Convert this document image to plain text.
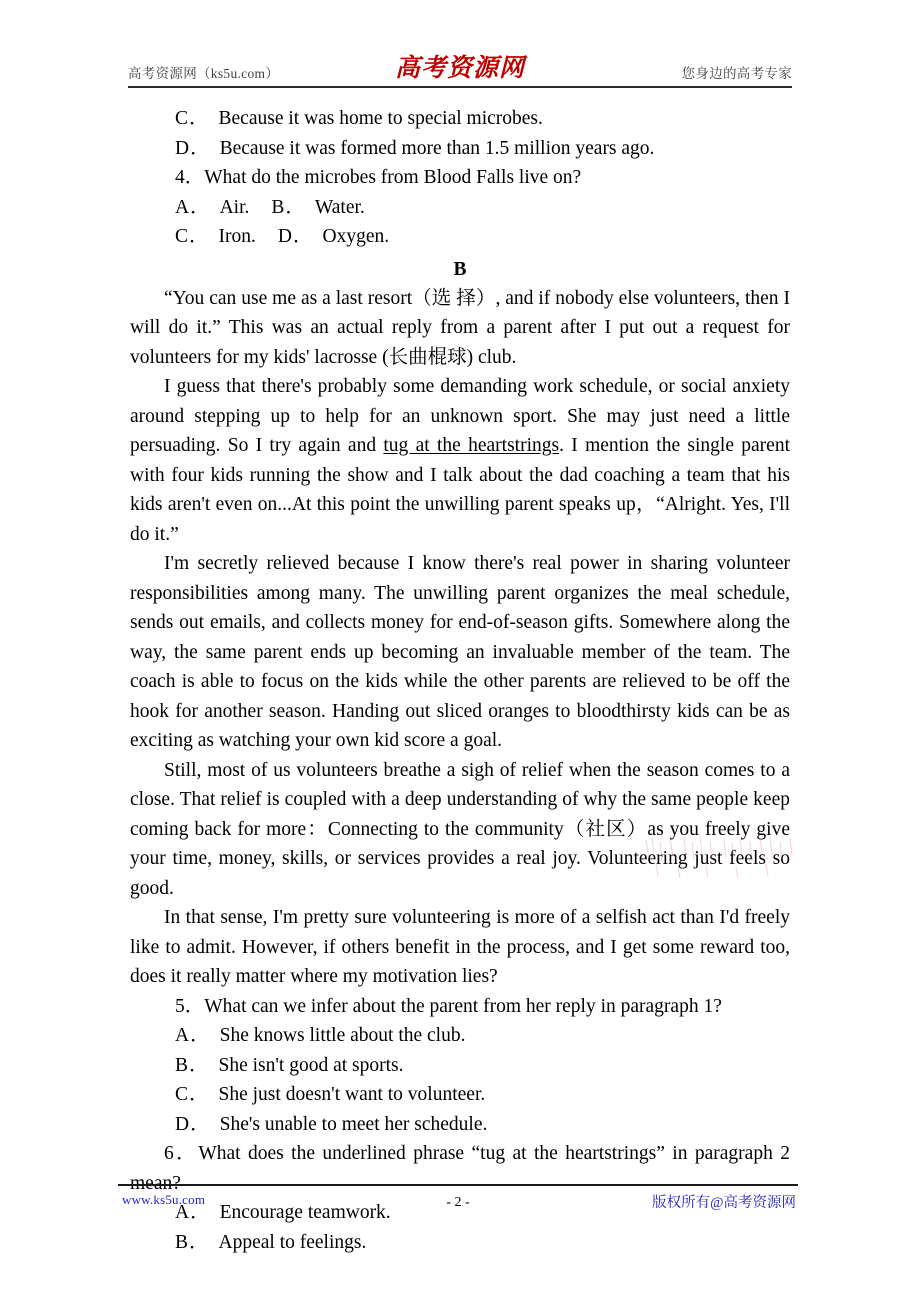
高考资源网（ks5u.com）	高考资源网	您身边的高考专家
C． Because it was home to special microbes.
D． Because it was formed more than 1.5 million years ago.
4．What do the microbes from Blood Falls live on?
A． Air. B． Water.
C． Iron. D． Oxygen.
B

“You can use me as a last resort（选 择）, and if nobody else volunteers, then I will do it.” This was an actual reply from a parent after I put out a request for volunteers for my kids' lacrosse (长曲棍球) club.

I guess that there's probably some demanding work schedule, or social anxiety around stepping up to help for an unknown sport. She may just need a little persuading. So I try again and tug at the heartstrings. I mention the single parent with four kids running the show and I talk about the dad coaching a team that his kids aren't even on...At this point the unwilling parent speaks up，“Alright. Yes, I'll do it.”

I'm secretly relieved because I know there's real power in sharing volunteer responsibilities among many. The unwilling parent organizes the meal schedule, sends out emails, and collects money for end-of-season gifts. Somewhere along the way, the same parent ends up becoming an invaluable member of the team. The coach is able to focus on the kids while the other parents are relieved to be off the hook for another season. Handing out sliced oranges to bloodthirsty kids can be as exciting as watching your own kid score a goal.

Still, most of us volunteers breathe a sigh of relief when the season comes to a close. That relief is coupled with a deep understanding of why the same people keep coming back for more：Connecting to the community（社区）as you freely give your time, money, skills, or services provides a real joy. Volunteering just feels so good.

In that sense, I'm pretty sure volunteering is more of a selfish act than I'd freely like to admit. However, if others benefit in the process, and I get some reward too, does it really matter where my motivation lies?

5．What can we infer about the parent from her reply in paragraph 1?
A． She knows little about the club.
B． She isn't good at sports.
C． She just doesn't want to volunteer.
D． She's unable to meet her schedule.

6．What does the underlined phrase “tug at the heartstrings” in paragraph 2 mean?

A． Encourage teamwork.
B． Appeal to feelings.
www.ks5u.com	- 2 -	版权所有@高考资源网
